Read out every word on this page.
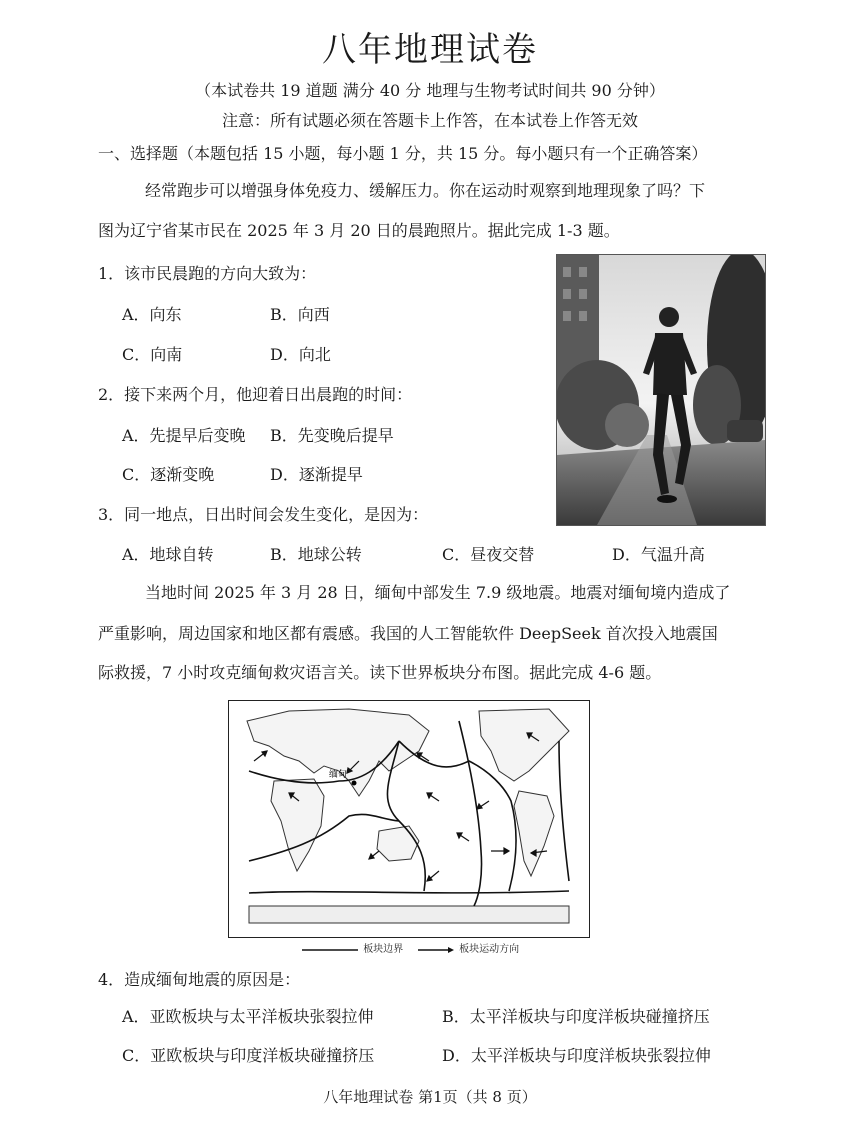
八年地理试卷
（本试卷共 19 道题 满分 40 分 地理与生物考试时间共 90 分钟）
注意：所有试题必须在答题卡上作答，在本试卷上作答无效
一、选择题（本题包括 15 小题，每小题 1 分，共 15 分。每小题只有一个正确答案）
经常跑步可以增强身体免疫力、缓解压力。你在运动时观察到地理现象了吗？下
图为辽宁省某市民在 2025 年 3 月 20 日的晨跑照片。据此完成 1-3 题。
1．该市民晨跑的方向大致为：
A．向东	B．向西
C．向南	D．向北
2．接下来两个月，他迎着日出晨跑的时间：
A．先提早后变晚 B．先变晚后提早
C．逐渐变晚	D．逐渐提早
3．同一地点，日出时间会发生变化，是因为：
A．地球自转	B．地球公转	C．昼夜交替	D．气温升高
当地时间 2025 年 3 月 28 日，缅甸中部发生 7.9 级地震。地震对缅甸境内造成了
严重影响，周边国家和地区都有震感。我国的人工智能软件 DeepSeek 首次投入地震国
际救援，7 小时攻克缅甸救灾语言关。读下世界板块分布图。据此完成 4-6 题。
缅甸
板块边界	板块运动方向
4．造成缅甸地震的原因是：
A．亚欧板块与太平洋板块张裂拉伸	B．太平洋板块与印度洋板块碰撞挤压
C．亚欧板块与印度洋板块碰撞挤压	D．太平洋板块与印度洋板块张裂拉伸
八年地理试卷 第1页（共 8 页）
